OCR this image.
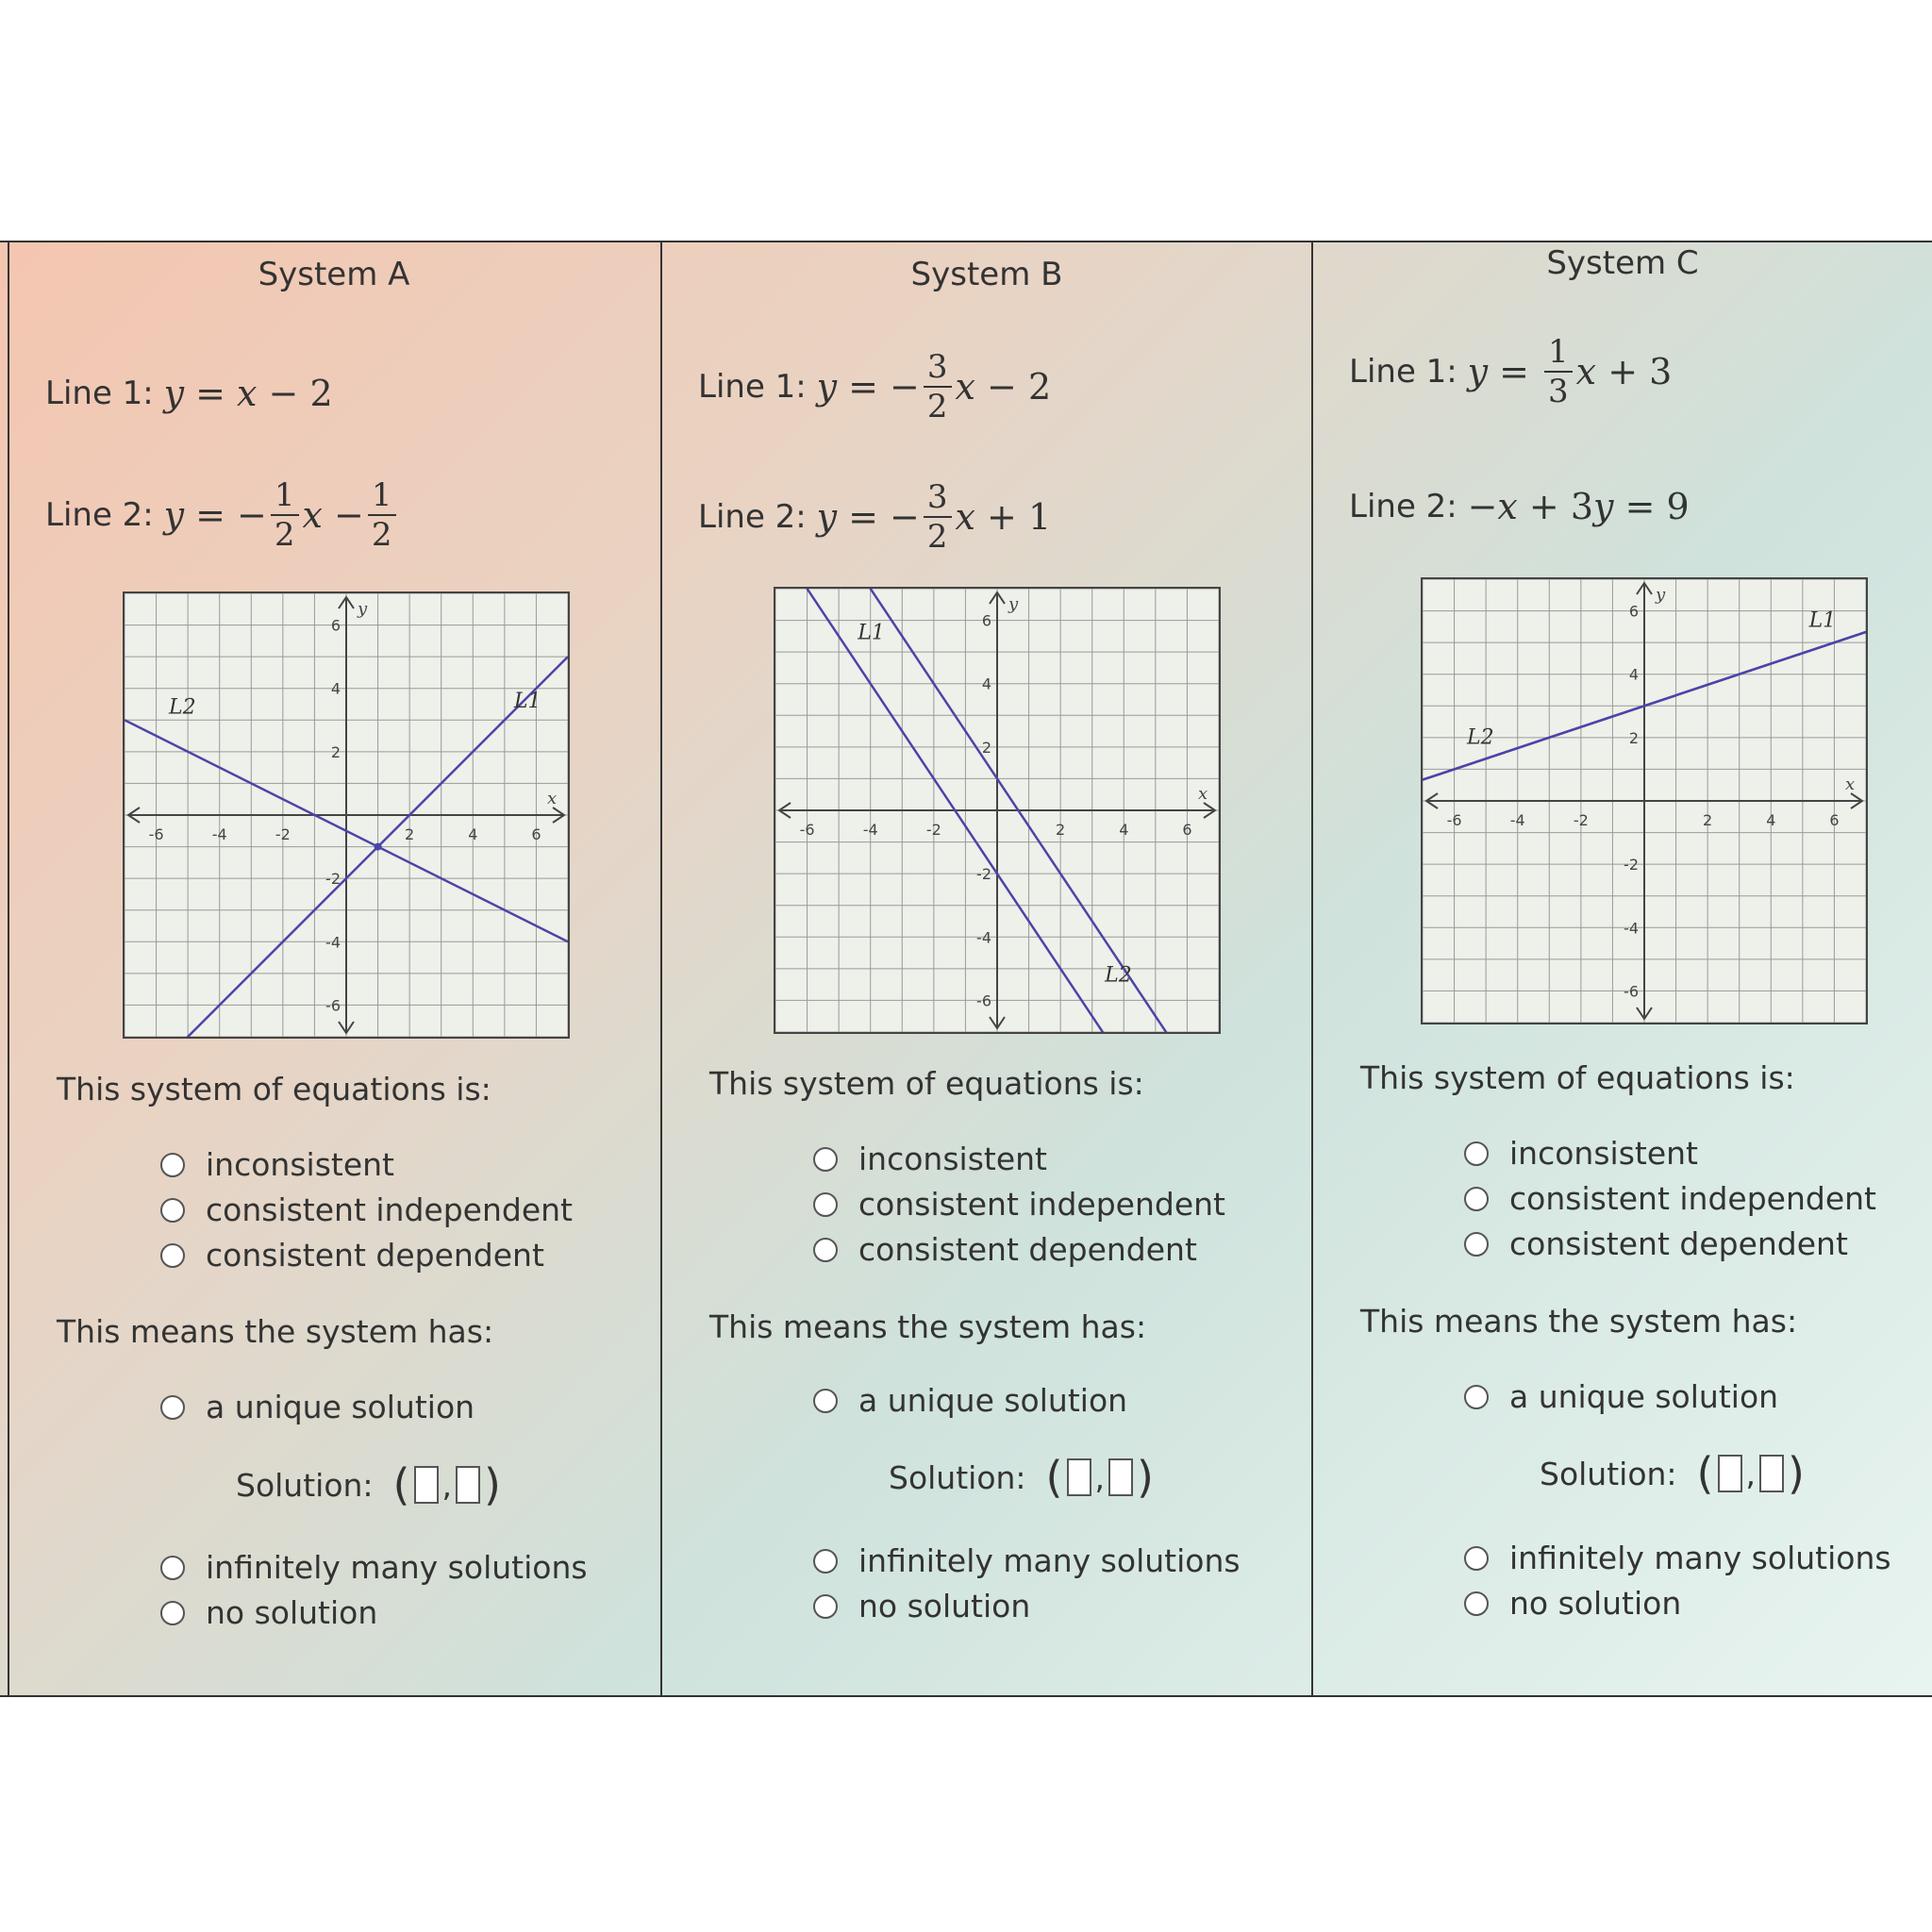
System A
Line 1:
y = x − 2
Line 2:
y = − $\frac{1}{2}$ $x - \frac{1}{2}$
-6
-6
-4
-4
-2
-2
2
2
4
4
6
6
x
y
L1
L2
This system of equations is:
inconsistent
consistent independent
consistent dependent
This means the system has:
a unique solution
Solution:
( , )
infinitely many solutions
no solution
System B
Line 1:
y = − $\frac{3}{2}$ x − 2
Line 2:
y = − $\frac{3}{2}$ x + 1
-6
-6
-4
-4
-2
-2
2
2
4
4
6
6
x
y
L1
L2
This system of equations is:
inconsistent
consistent independent
consistent dependent
This means the system has:
a unique solution
Solution:
( , )
infinitely many solutions
no solution
System C
Line 1:
$y = \frac{1}{3}$ x + 3
Line 2:
− x + 3 y = 9
-6
-6
-4
-4
-2
-2
2
2
4
4
6
6
x
y
L1
L2
This system of equations is:
inconsistent
consistent independent
consistent dependent
This means the system has:
a unique solution
Solution:
( , )
infinitely many solutions
no solution
